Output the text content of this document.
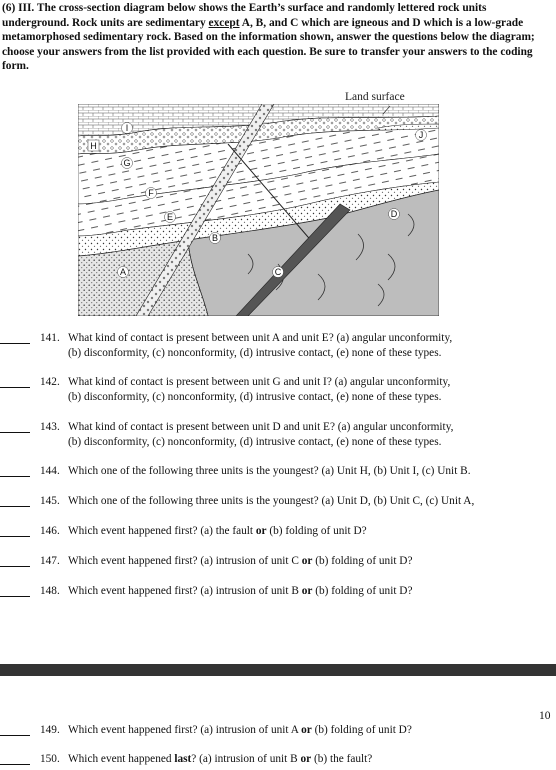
(6) III. The cross-section diagram below shows the Earth’s surface and randomly lettered rock units underground. Rock units are sedimentary except A, B, and C which are igneous and D which is a low-grade metamorphosed sedimentary rock. Based on the information shown, answer the questions below the diagram; choose your answers from the list provided with each question. Be sure to transfer your answers to the coding form.
Land surface
H
I
G
F
E
J
D
B
C
A
141. What kind of contact is present between unit A and unit E? (a) angular unconformity,
(b) disconformity, (c) nonconformity, (d) intrusive contact, (e) none of these types.
142. What kind of contact is present between unit G and unit I? (a) angular unconformity,
(b) disconformity, (c) nonconformity, (d) intrusive contact, (e) none of these types.
143. What kind of contact is present between unit D and unit E? (a) angular unconformity,
(b) disconformity, (c) nonconformity, (d) intrusive contact, (e) none of these types.
144. Which one of the following three units is the youngest? (a) Unit H, (b) Unit I, (c) Unit B.
145. Which one of the following three units is the youngest? (a) Unit D, (b) Unit C, (c) Unit A,
146. Which event happened first? (a) the fault or (b) folding of unit D?
147. Which event happened first? (a) intrusion of unit C or (b) folding of unit D?
148. Which event happened first? (a) intrusion of unit B or (b) folding of unit D?
10
149. Which event happened first? (a) intrusion of unit A or (b) folding of unit D?
150. Which event happened last? (a) intrusion of unit B or (b) the fault?
